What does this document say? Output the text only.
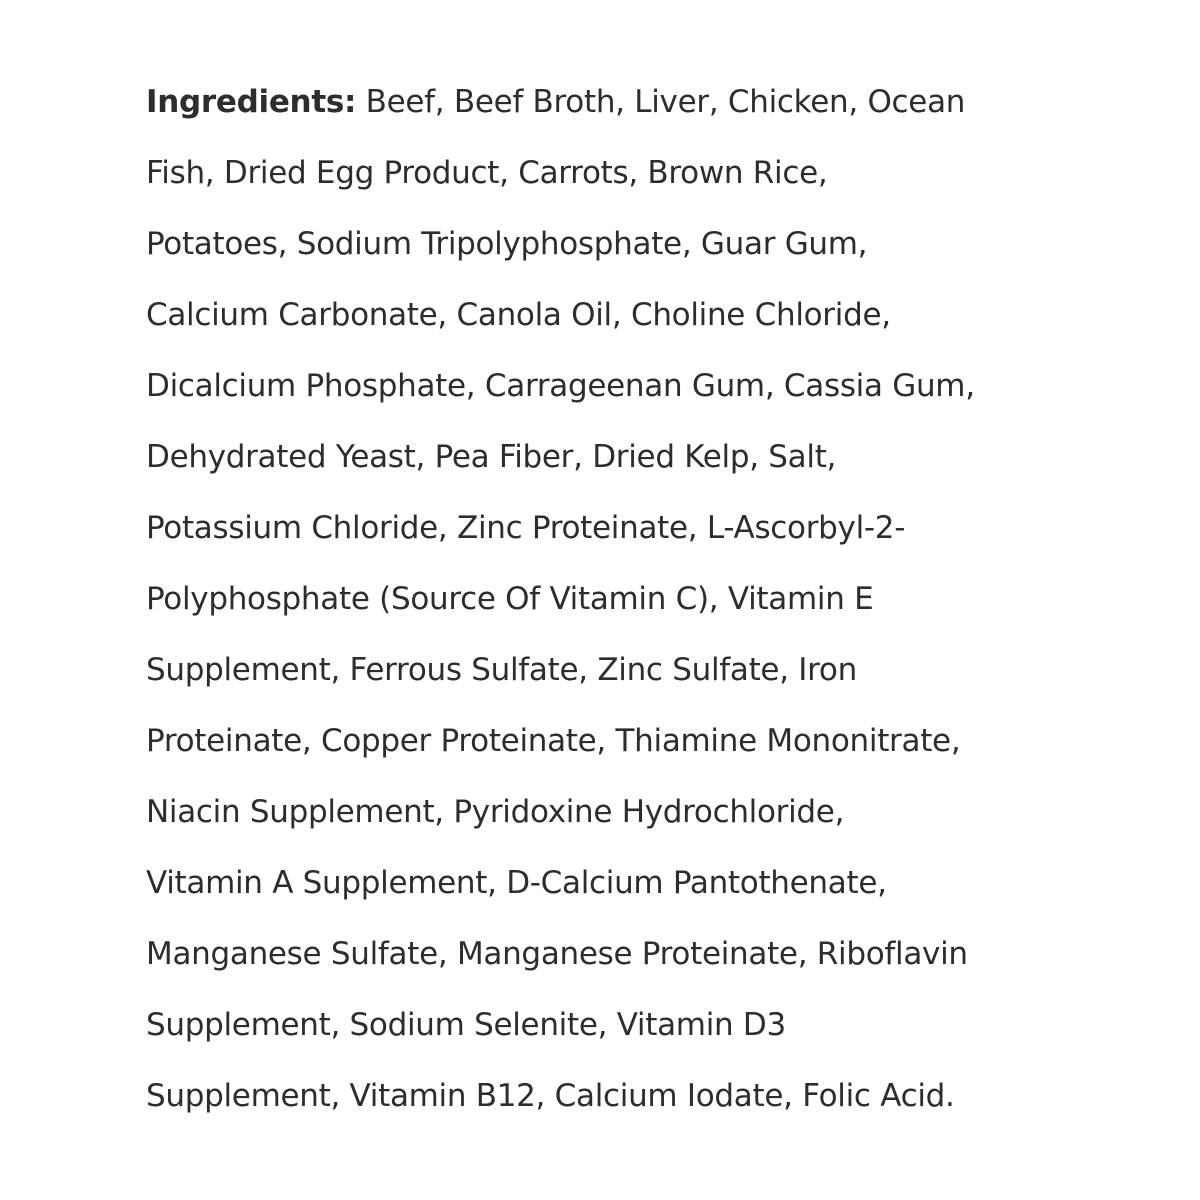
Ingredients: Beef, Beef Broth, Liver, Chicken, Ocean
Fish, Dried Egg Product, Carrots, Brown Rice,
Potatoes, Sodium Tripolyphosphate, Guar Gum,
Calcium Carbonate, Canola Oil, Choline Chloride,
Dicalcium Phosphate, Carrageenan Gum, Cassia Gum,
Dehydrated Yeast, Pea Fiber, Dried Kelp, Salt,
Potassium Chloride, Zinc Proteinate, L-Ascorbyl-2-
Polyphosphate (Source Of Vitamin C), Vitamin E
Supplement, Ferrous Sulfate, Zinc Sulfate, Iron
Proteinate, Copper Proteinate, Thiamine Mononitrate,
Niacin Supplement, Pyridoxine Hydrochloride,
Vitamin A Supplement, D-Calcium Pantothenate,
Manganese Sulfate, Manganese Proteinate, Riboflavin
Supplement, Sodium Selenite, Vitamin D3
Supplement, Vitamin B12, Calcium Iodate, Folic Acid.
